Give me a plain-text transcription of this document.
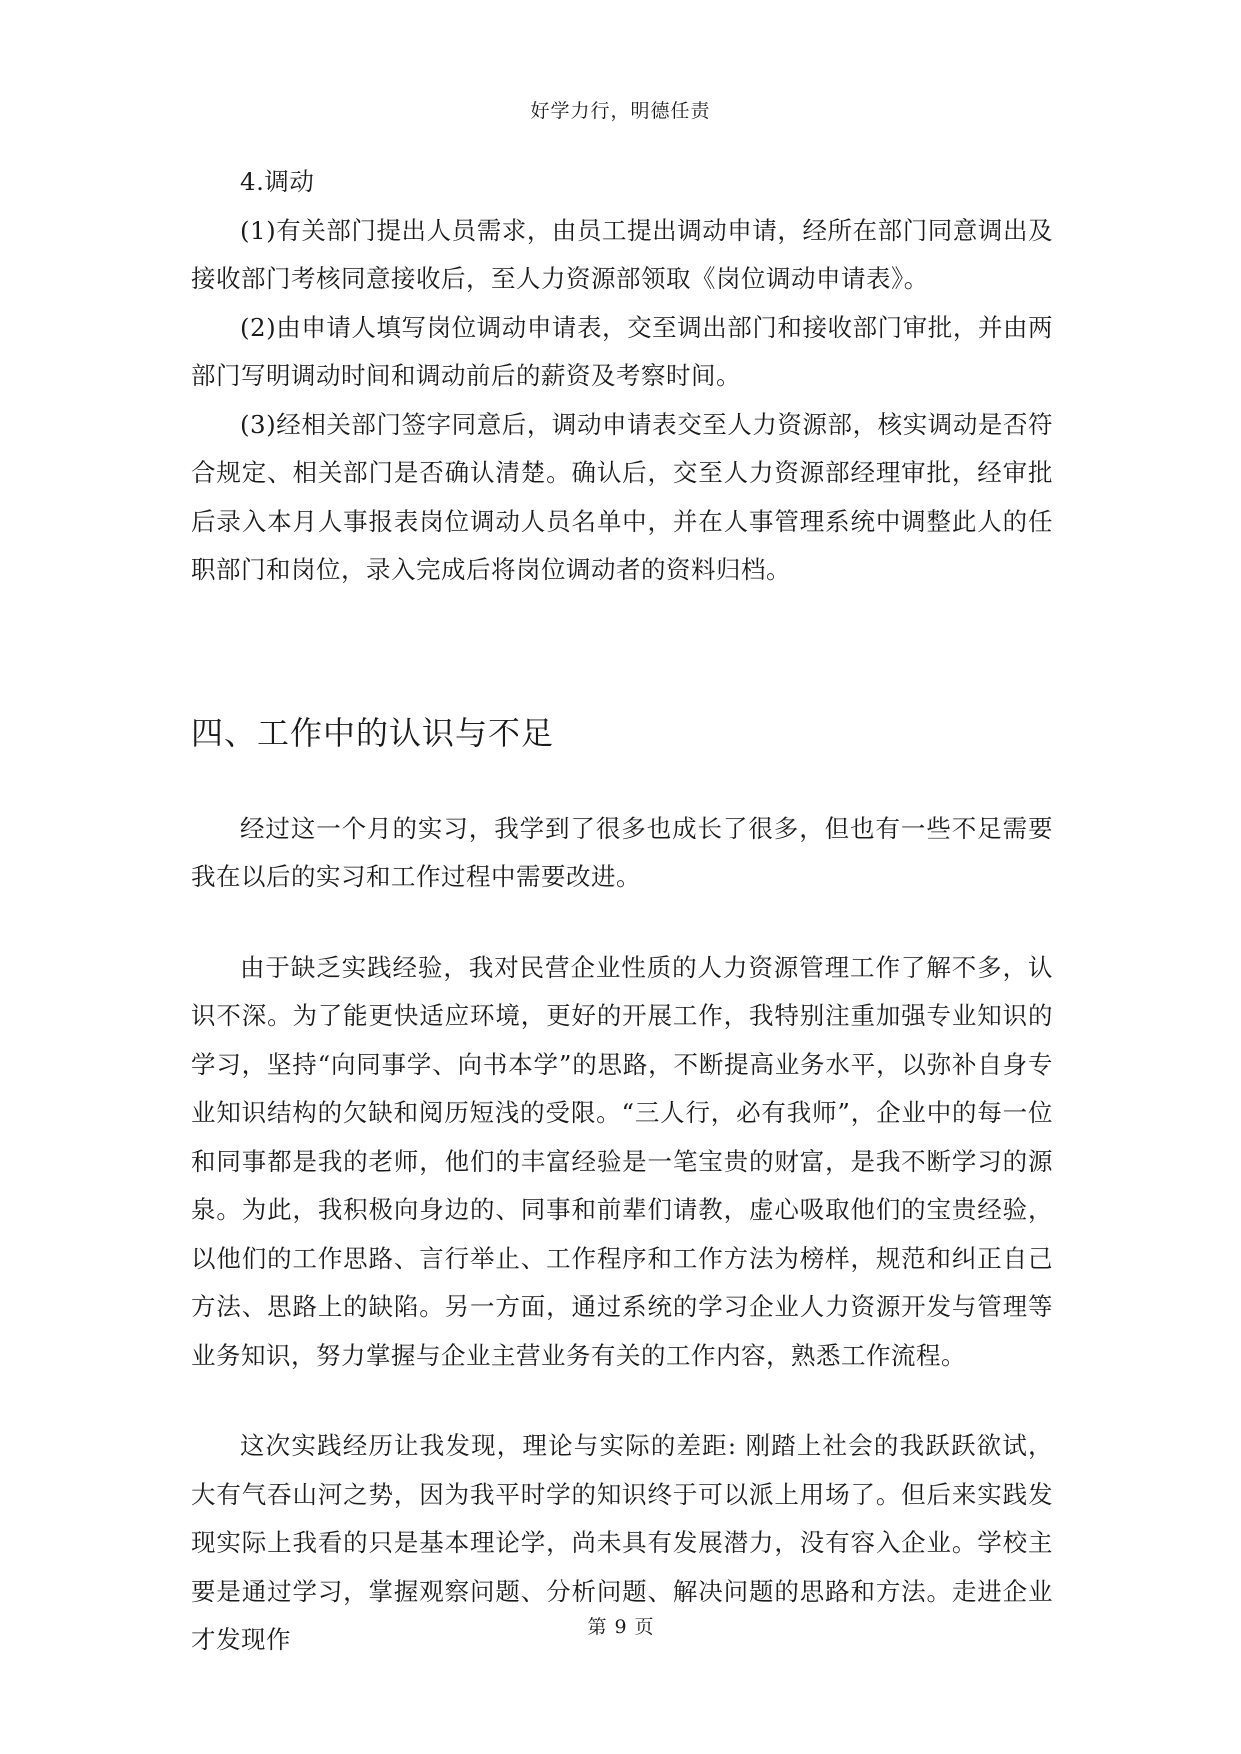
好学力行，明德任责

4.调动

(1)有关部门提出人员需求，由员工提出调动申请，经所在部门同意调出及接收部门考核同意接收后，至人力资源部领取《岗位调动申请表》。

(2)由申请人填写岗位调动申请表，交至调出部门和接收部门审批，并由两部门写明调动时间和调动前后的薪资及考察时间。

(3)经相关部门签字同意后，调动申请表交至人力资源部，核实调动是否符合规定、相关部门是否确认清楚。确认后，交至人力资源部经理审批，经审批后录入本月人事报表岗位调动人员名单中，并在人事管理系统中调整此人的任职部门和岗位，录入完成后将岗位调动者的资料归档。

四、工作中的认识与不足

经过这一个月的实习，我学到了很多也成长了很多，但也有一些不足需要我在以后的实习和工作过程中需要改进。

由于缺乏实践经验，我对民营企业性质的人力资源管理工作了解不多，认识不深。为了能更快适应环境，更好的开展工作，我特别注重加强专业知识的学习，坚持“向同事学、向书本学”的思路，不断提高业务水平，以弥补自身专业知识结构的欠缺和阅历短浅的受限。“三人行，必有我师”，企业中的每一位和同事都是我的老师，他们的丰富经验是一笔宝贵的财富，是我不断学习的源泉。为此，我积极向身边的、同事和前辈们请教，虚心吸取他们的宝贵经验，以他们的工作思路、言行举止、工作程序和工作方法为榜样，规范和纠正自己方法、思路上的缺陷。另一方面，通过系统的学习企业人力资源开发与管理等业务知识，努力掌握与企业主营业务有关的工作内容，熟悉工作流程。

这次实践经历让我发现，理论与实际的差距: 刚踏上社会的我跃跃欲试，大有气吞山河之势，因为我平时学的知识终于可以派上用场了。但后来实践发现实际上我看的只是基本理论学，尚未具有发展潜力，没有容入企业。学校主要是通过学习，掌握观察问题、分析问题、解决问题的思路和方法。走进企业才发现作	第 9 页
